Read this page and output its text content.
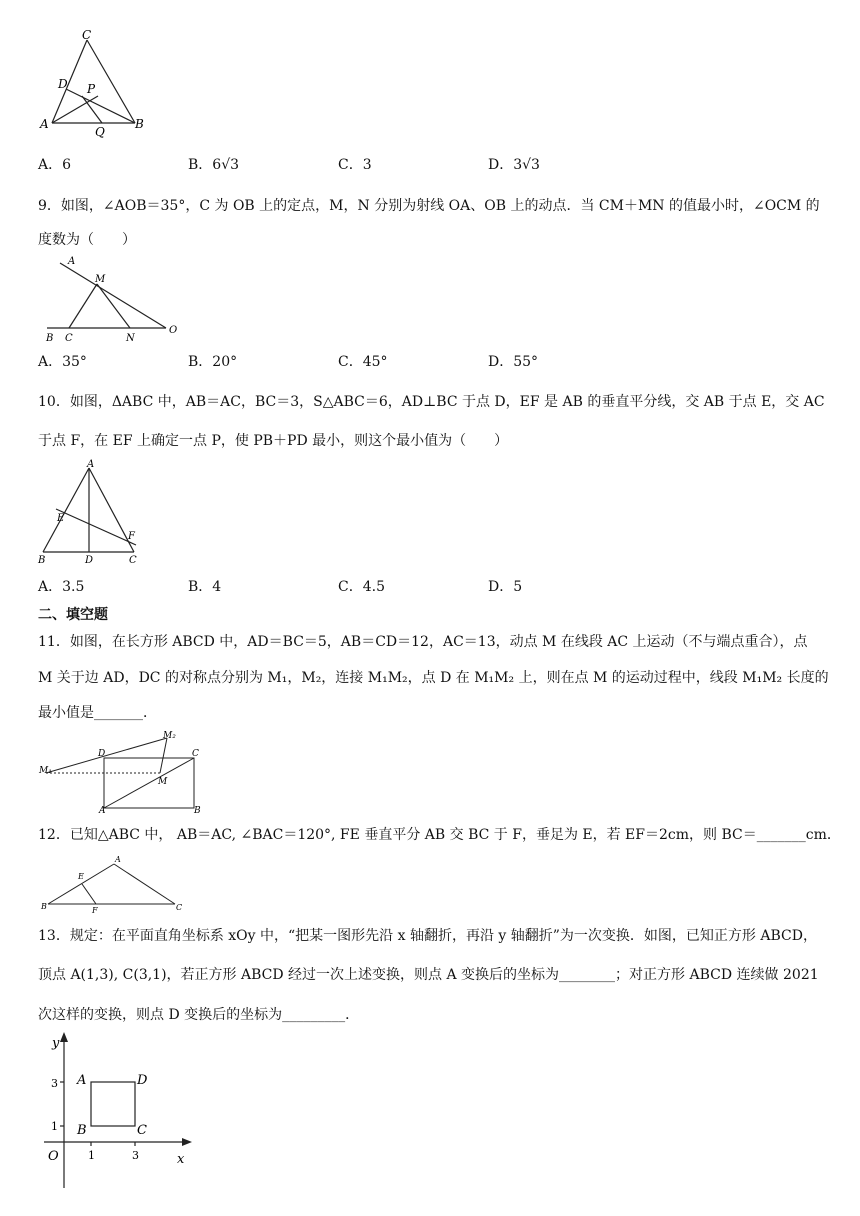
C
D P
A
Q
B
A．6	B．6√3	C．3	D．3√3
9．如图，∠AOB＝35°，C 为 OB 上的定点，M，N 分别为射线 OA、OB 上的动点．当 CM＋MN 的值最小时，∠OCM 的
度数为（　　）
A
M
B C	N
O
A．35°	B．20°	C．45°	D．55°
10．如图，ΔABC 中，AB＝AC，BC＝3，S△ABC＝6，AD⊥BC 于点 D，EF 是 AB 的垂直平分线，交 AB 于点 E，交 AC
于点 F，在 EF 上确定一点 P，使 PB＋PD 最小，则这个最小值为（　　）
A
E
F
B	D	C
A．3.5	B．4	C．4.5	D．5
二、填空题
11．如图，在长方形 ABCD 中，AD＝BC＝5，AB＝CD＝12，AC＝13，动点 M 在线段 AC 上运动（不与端点重合），点
M 关于边 AD，DC 的对称点分别为 M₁，M₂，连接 M₁M₂，点 D 在 M₁M₂ 上，则在点 M 的运动过程中，线段 M₁M₂ 长度的
最小值是_______．
M₂
M₁
D	C
M
A	B
12．已知△ABC 中， AB＝AC, ∠BAC＝120°, FE 垂直平分 AB 交 BC 于 F，垂足为 E，若 EF＝2cm，则 BC＝_______cm．
A
E
B	F	C
13．规定：在平面直角坐标系 xOy 中，“把某一图形先沿 x 轴翻折，再沿 y 轴翻折”为一次变换．如图，已知正方形 ABCD，
顶点 A(1,3), C(3,1)，若正方形 ABCD 经过一次上述变换，则点 A 变换后的坐标为________；对正方形 ABCD 连续做 2021
次这样的变换，则点 D 变换后的坐标为_________．
y
x
O
A	D
B	C
3
1
1	3
